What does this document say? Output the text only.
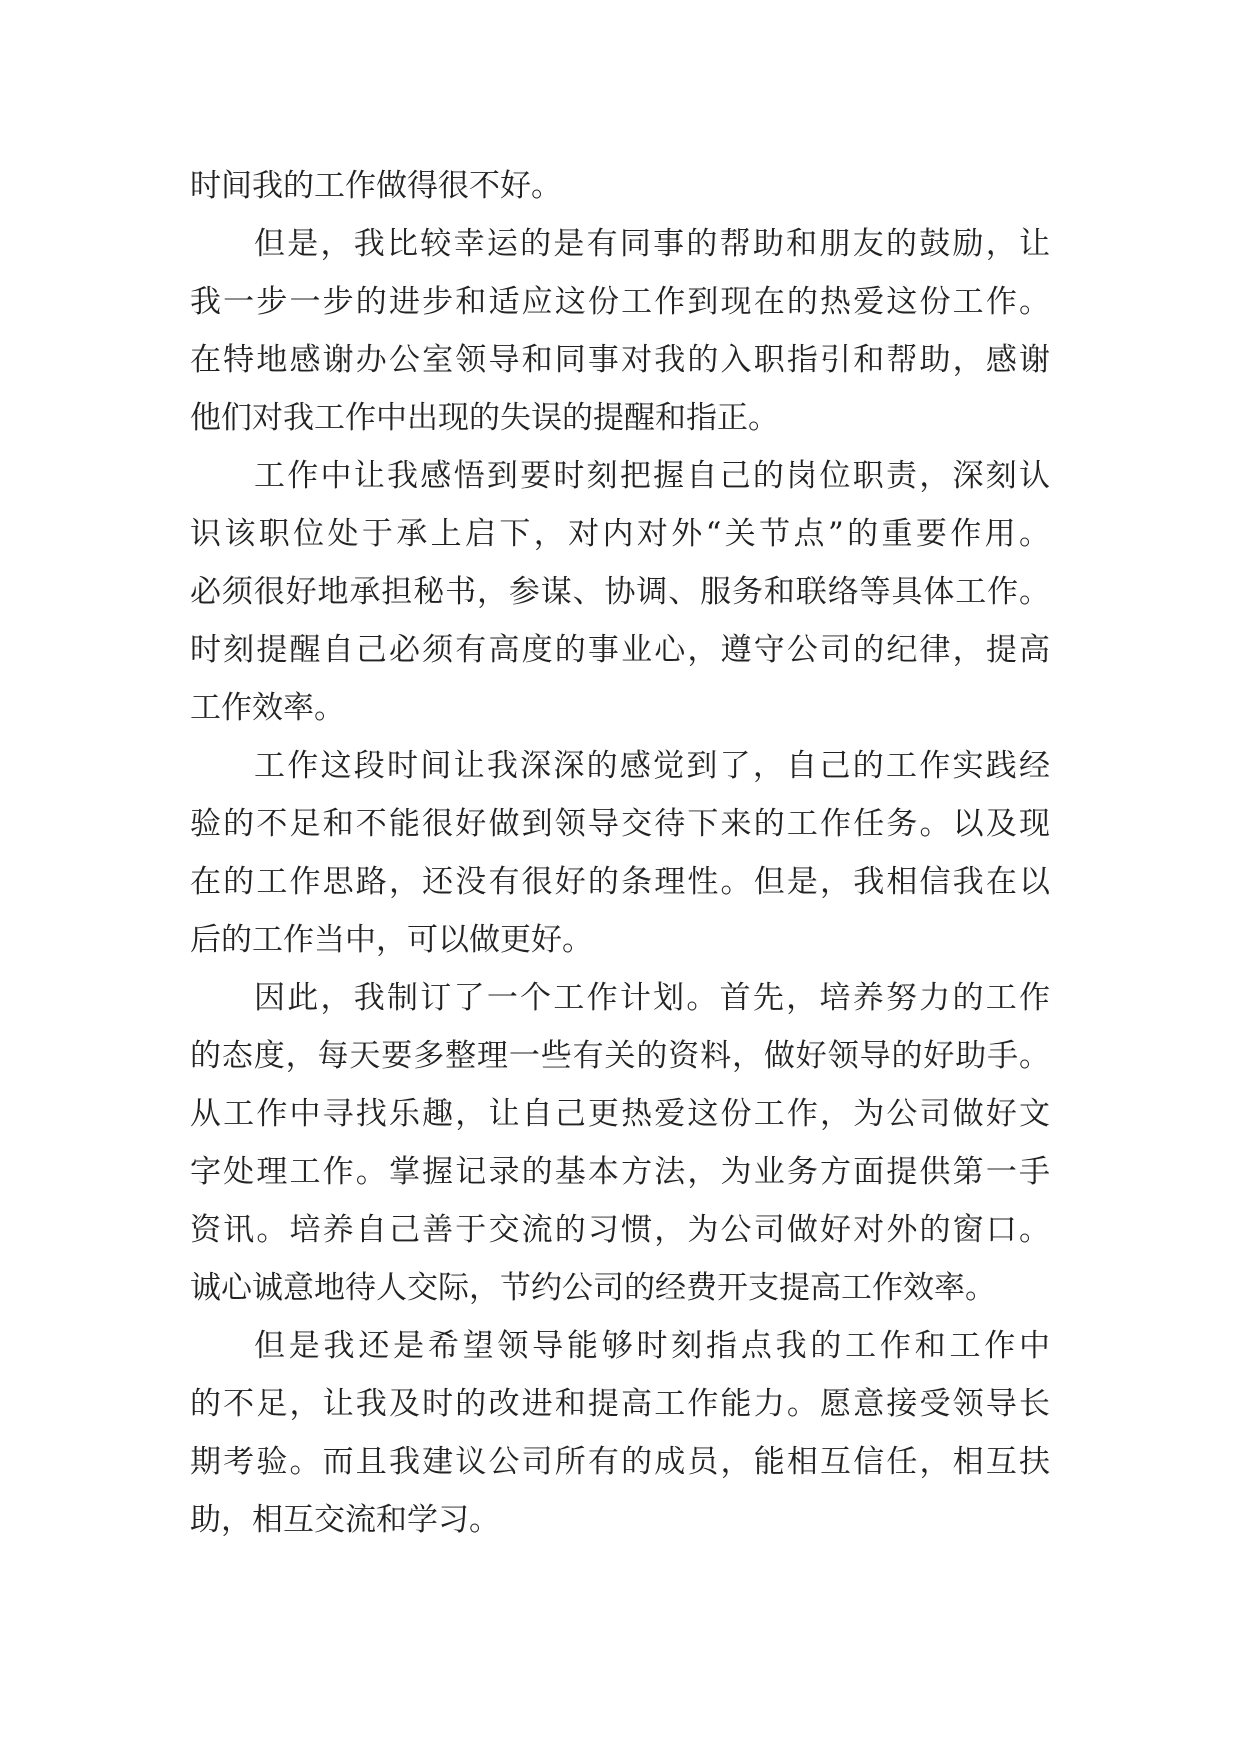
时间我的工作做得很不好。
但是，我比较幸运的是有同事的帮助和朋友的鼓励，让
我一步一步的进步和适应这份工作到现在的热爱这份工作。
在特地感谢办公室领导和同事对我的入职指引和帮助，感谢
他们对我工作中出现的失误的提醒和指正。
工作中让我感悟到要时刻把握自己的岗位职责，深刻认
识该职位处于承上启下，对内对外“关节点”的重要作用。
必须很好地承担秘书，参谋、协调、服务和联络等具体工作。
时刻提醒自己必须有高度的事业心，遵守公司的纪律，提高
工作效率。
工作这段时间让我深深的感觉到了，自己的工作实践经
验的不足和不能很好做到领导交待下来的工作任务。以及现
在的工作思路，还没有很好的条理性。但是，我相信我在以
后的工作当中，可以做更好。
因此，我制订了一个工作计划。首先，培养努力的工作
的态度，每天要多整理一些有关的资料，做好领导的好助手。
从工作中寻找乐趣，让自己更热爱这份工作，为公司做好文
字处理工作。掌握记录的基本方法，为业务方面提供第一手
资讯。培养自己善于交流的习惯，为公司做好对外的窗口。
诚心诚意地待人交际，节约公司的经费开支提高工作效率。
但是我还是希望领导能够时刻指点我的工作和工作中
的不足，让我及时的改进和提高工作能力。愿意接受领导长
期考验。而且我建议公司所有的成员，能相互信任，相互扶
助，相互交流和学习。
